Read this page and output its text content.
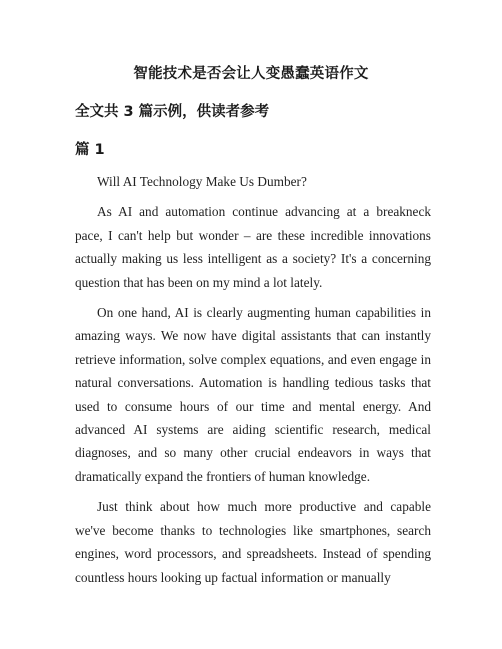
智能技术是否会让人变愚蠢英语作文
全文共 3 篇示例，供读者参考
篇 1

Will AI Technology Make Us Dumber?

As AI and automation continue advancing at a breakneck pace, I can't help but wonder – are these incredible innovations actually making us less intelligent as a society? It's a concerning question that has been on my mind a lot lately.

On one hand, AI is clearly augmenting human capabilities in amazing ways. We now have digital assistants that can instantly retrieve information, solve complex equations, and even engage in natural conversations. Automation is handling tedious tasks that used to consume hours of our time and mental energy. And advanced AI systems are aiding scientific research, medical diagnoses, and so many other crucial endeavors in ways that dramatically expand the frontiers of human knowledge.

Just think about how much more productive and capable we've become thanks to technologies like smartphones, search engines, word processors, and spreadsheets. Instead of spending countless hours looking up factual information or manually
